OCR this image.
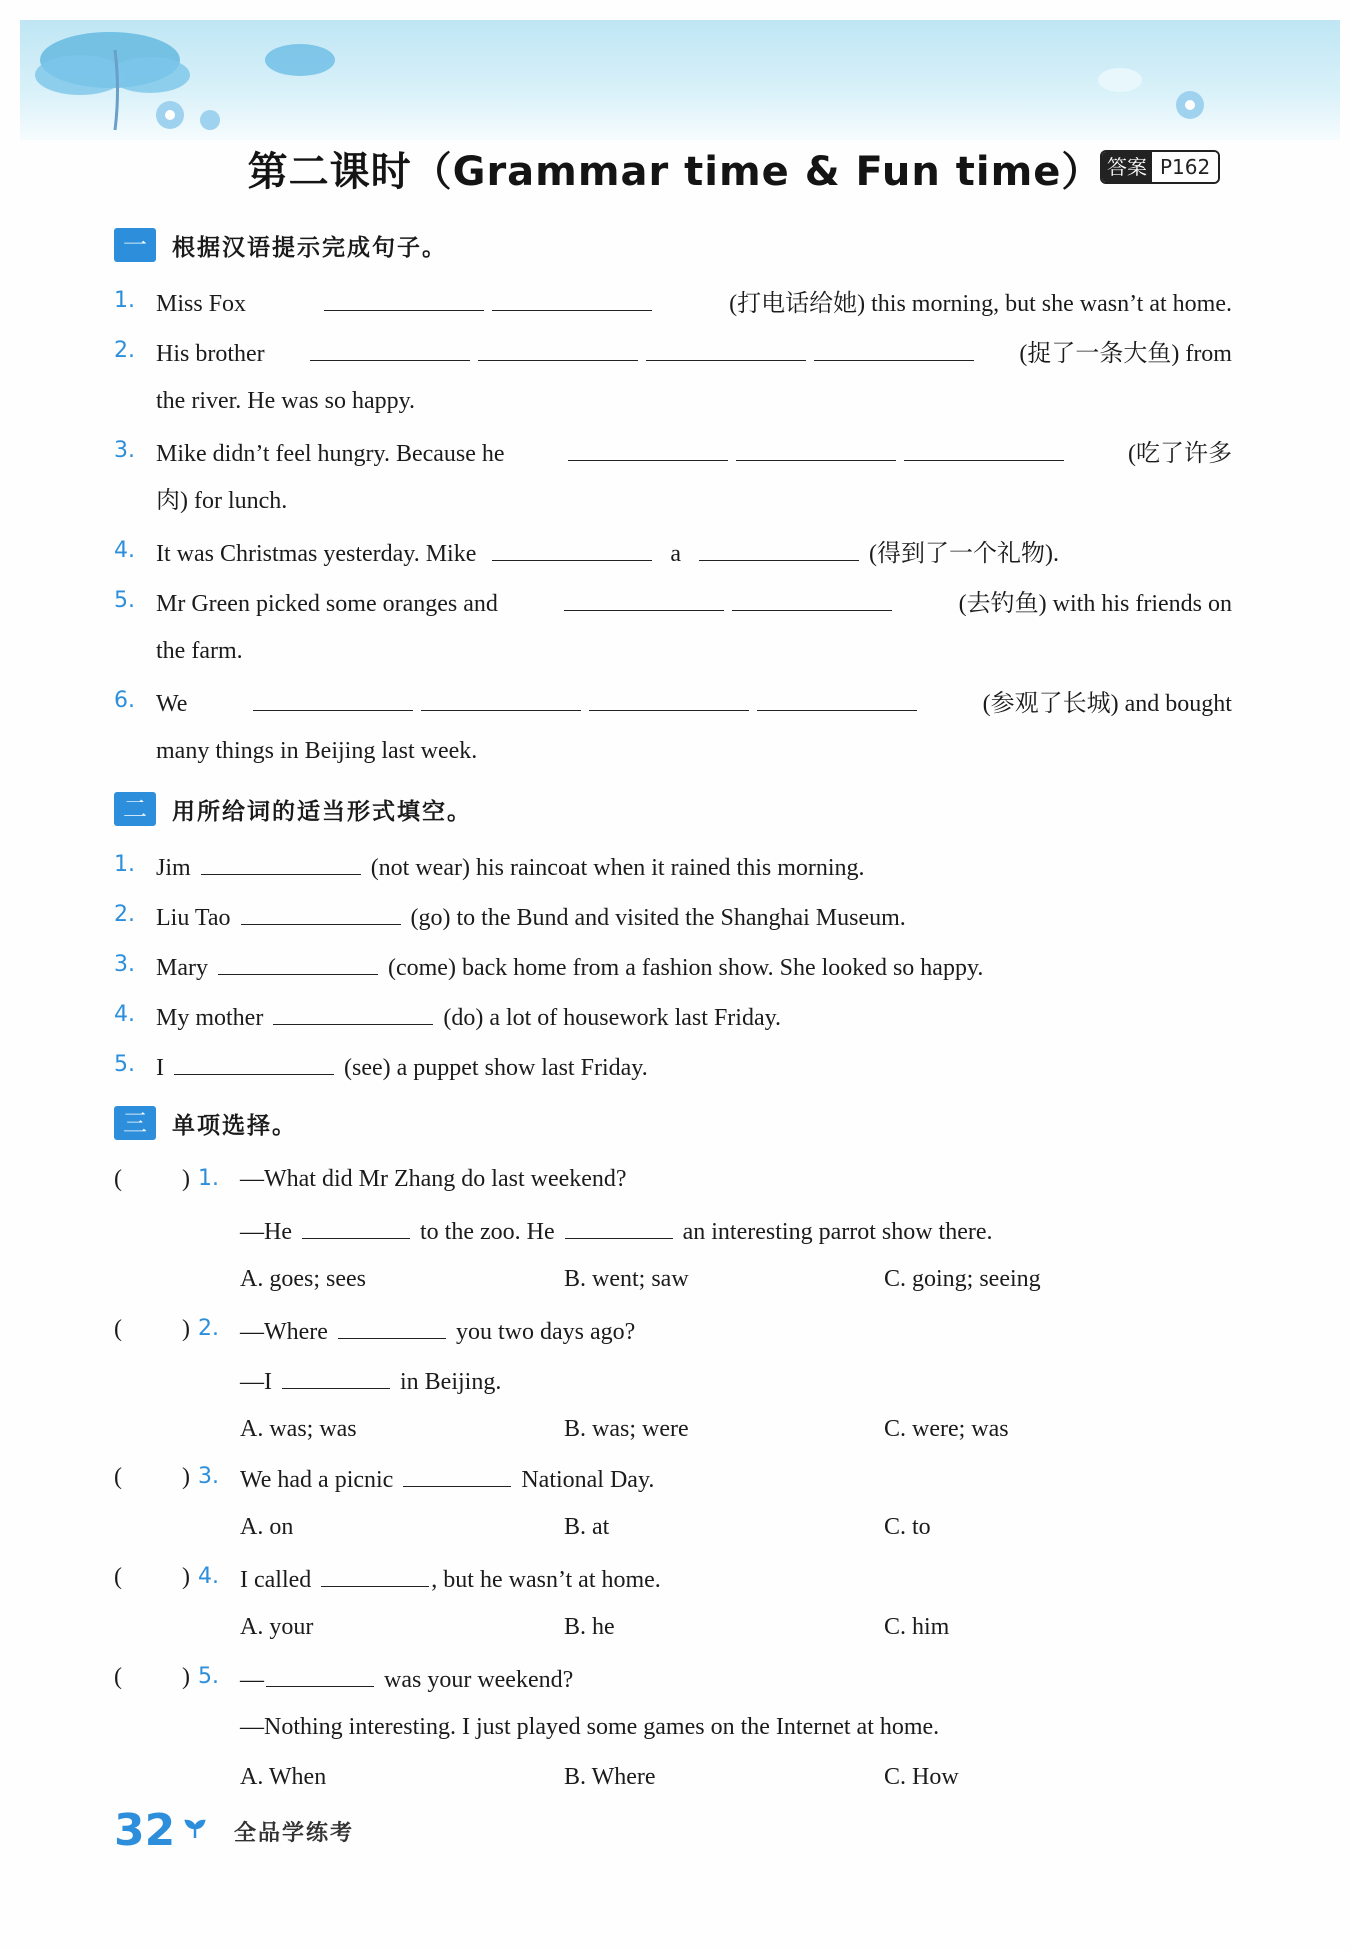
第二课时（Grammar time & Fun time） 答案 P162
一	根据汉语提示完成句子。
1. Miss Fox	(打电话给她) this morning, but she wasn’t at home.
2. His brother	(捉了一条大鱼) from
the river. He was so happy.
3. Mike didn’t feel hungry. Because he	(吃了许多
肉) for lunch.
4. It was Christmas yesterday. Mike	a	(得到了一个礼物).
5. Mr Green picked some oranges and	(去钓鱼) with his friends on
the farm.
6. We	(参观了长城) and bought
many things in Beijing last week.
二	用所给词的适当形式填空。
1. Jim	(not wear) his raincoat when it rained this morning.
2. Liu Tao	(go) to the Bund and visited the Shanghai Museum.
3. Mary	(come) back home from a fashion show. She looked so happy.
4. My mother	(do) a lot of housework last Friday.
5. I	(see) a puppet show last Friday.
三	单项选择。
(	) 1. —What did Mr Zhang do last weekend?
—He	to the zoo. He	an interesting parrot show there.
A. goes; sees	B. went; saw	C. going; seeing
(	) 2. —Where	you two days ago?
—I	in Beijing.
A. was; was	B. was; were	C. were; was
(	) 3. We had a picnic	National Day.
A. on	B. at	C. to
(	) 4. I called	, but he wasn’t at home.
A. your	B. he	C. him
(	) 5. —	was your weekend?
—Nothing interesting. I just played some games on the Internet at home.
A. When	B. Where	C. How
32	全品学练考
